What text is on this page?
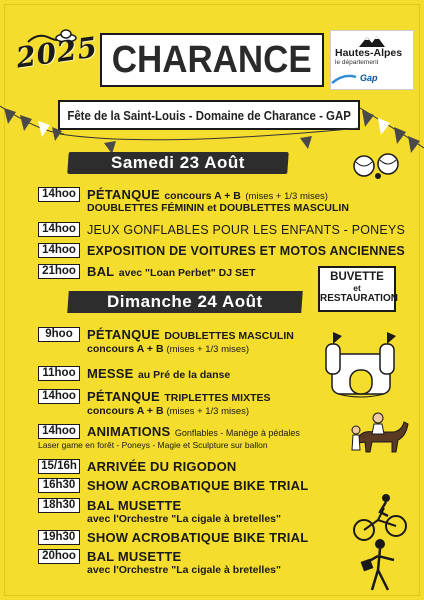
2025 CHARANCE Hautes-Alpes
le département
Gap
Fête de la Saint-Louis - Domaine de Charance - GAP
Samedi 23 Août
14hoo PÉTANQUE concours A + B (mises + 1/3 mises)
DOUBLETTES FÉMININ et DOUBLETTES MASCULIN
14hoo JEUX GONFLABLES POUR LES ENFANTS - PONEYS
14hoo EXPOSITION DE VOITURES ET MOTOS ANCIENNES
21hoo BAL avec "Loan Perbet" DJ SET	BUVETTE
et
RESTAURATION
Dimanche 24 Août
9hoo	PÉTANQUE DOUBLETTES MASCULIN
concours A + B (mises + 1/3 mises)
11hoo MESSE au Pré de la danse
14hoo PÉTANQUE TRIPLETTES MIXTES
concours A + B (mises + 1/3 mises)
14hoo ANIMATIONS Gonflables - Manège à pédales
Laser game en forêt - Poneys - Magie et Sculpture sur ballon
15/16h ARRIVÉE DU RIGODON
16h30 SHOW ACROBATIQUE BIKE TRIAL
18h30 BAL MUSETTE
avec l'Orchestre "La cigale à bretelles"
19h30 SHOW ACROBATIQUE BIKE TRIAL
20hoo BAL MUSETTE
avec l'Orchestre "La cigale à bretelles"
